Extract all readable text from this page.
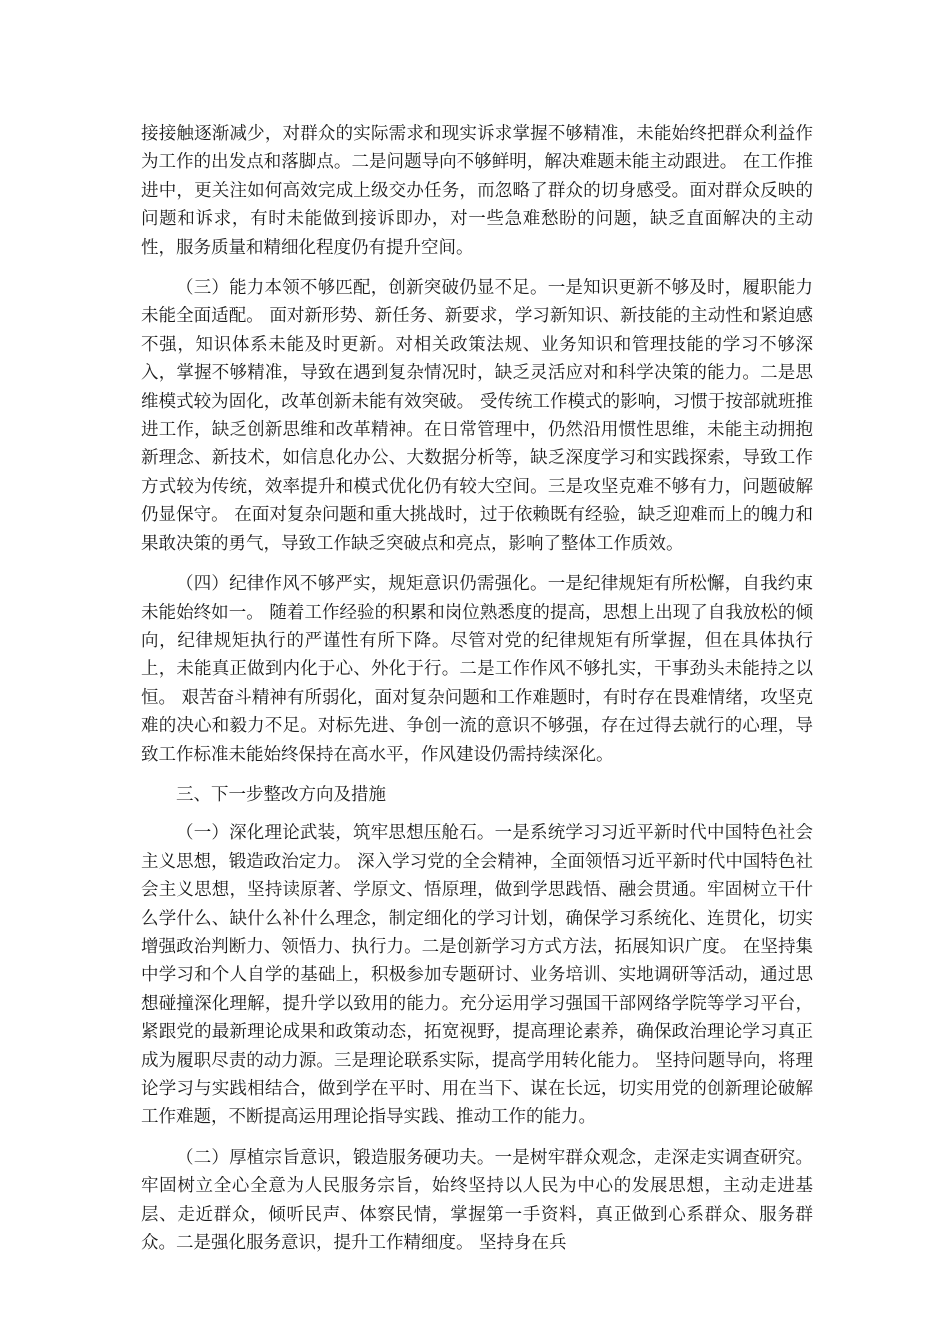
接接触逐渐减少，对群众的实际需求和现实诉求掌握不够精准，未能始终把群众利益作为工作的出发点和落脚点。二是问题导向不够鲜明，解决难题未能主动跟进。 在工作推进中，更关注如何高效完成上级交办任务，而忽略了群众的切身感受。面对群众反映的问题和诉求，有时未能做到接诉即办，对一些急难愁盼的问题，缺乏直面解决的主动性，服务质量和精细化程度仍有提升空间。

（三）能力本领不够匹配，创新突破仍显不足。一是知识更新不够及时，履职能力未能全面适配。 面对新形势、新任务、新要求，学习新知识、新技能的主动性和紧迫感不强，知识体系未能及时更新。对相关政策法规、业务知识和管理技能的学习不够深入，掌握不够精准，导致在遇到复杂情况时，缺乏灵活应对和科学决策的能力。二是思维模式较为固化，改革创新未能有效突破。 受传统工作模式的影响，习惯于按部就班推进工作，缺乏创新思维和改革精神。在日常管理中，仍然沿用惯性思维，未能主动拥抱新理念、新技术，如信息化办公、大数据分析等，缺乏深度学习和实践探索，导致工作方式较为传统，效率提升和模式优化仍有较大空间。三是攻坚克难不够有力，问题破解仍显保守。 在面对复杂问题和重大挑战时，过于依赖既有经验，缺乏迎难而上的魄力和果敢决策的勇气，导致工作缺乏突破点和亮点，影响了整体工作质效。

（四）纪律作风不够严实，规矩意识仍需强化。一是纪律规矩有所松懈，自我约束未能始终如一。 随着工作经验的积累和岗位熟悉度的提高，思想上出现了自我放松的倾向，纪律规矩执行的严谨性有所下降。尽管对党的纪律规矩有所掌握，但在具体执行上，未能真正做到内化于心、外化于行。二是工作作风不够扎实，干事劲头未能持之以恒。 艰苦奋斗精神有所弱化，面对复杂问题和工作难题时，有时存在畏难情绪，攻坚克难的决心和毅力不足。对标先进、争创一流的意识不够强，存在过得去就行的心理，导致工作标准未能始终保持在高水平，作风建设仍需持续深化。

三、下一步整改方向及措施

（一）深化理论武装，筑牢思想压舱石。一是系统学习习近平新时代中国特色社会主义思想，锻造政治定力。 深入学习党的全会精神，全面领悟习近平新时代中国特色社会主义思想，坚持读原著、学原文、悟原理，做到学思践悟、融会贯通。牢固树立干什么学什么、缺什么补什么理念，制定细化的学习计划，确保学习系统化、连贯化，切实增强政治判断力、领悟力、执行力。二是创新学习方式方法，拓展知识广度。 在坚持集中学习和个人自学的基础上，积极参加专题研讨、业务培训、实地调研等活动，通过思想碰撞深化理解，提升学以致用的能力。充分运用学习强国干部网络学院等学习平台，紧跟党的最新理论成果和政策动态，拓宽视野，提高理论素养，确保政治理论学习真正成为履职尽责的动力源。三是理论联系实际，提高学用转化能力。 坚持问题导向，将理论学习与实践相结合，做到学在平时、用在当下、谋在长远，切实用党的创新理论破解工作难题，不断提高运用理论指导实践、推动工作的能力。

（二）厚植宗旨意识，锻造服务硬功夫。一是树牢群众观念，走深走实调查研究。 牢固树立全心全意为人民服务宗旨，始终坚持以人民为中心的发展思想，主动走进基层、走近群众，倾听民声、体察民情，掌握第一手资料，真正做到心系群众、服务群众。二是强化服务意识，提升工作精细度。 坚持身在兵
